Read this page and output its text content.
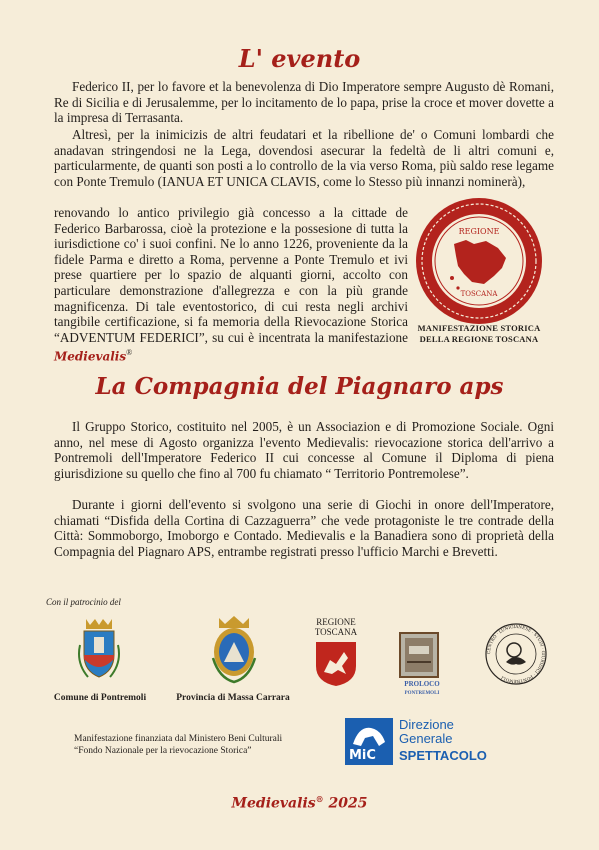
L' evento

Federico II, per lo favore et la benevolenza di Dio Imperatore sempre Augusto dè Romani, Re di Sicilia e di Jerusalemme, per lo incitamento de lo papa, prise la croce et mover dovette a la impresa di Terrasanta.

Altresì, per la inimicizis de altri feudatari et la ribellione de' o Comuni lombardi che anadavan stringendosi ne la Lega, dovendosi asecurar la fedeltà de li altri comuni e, particularmente, de quanti son posti a lo controllo de la via verso Roma, più saldo rese legame con Ponte Tremulo (IANUA ET UNICA CLAVIS, come lo Stesso più innanzi nominerà),

renovando lo antico privilegio già concesso a la cittade de Federico Barbarossa, cioè la protezione e la possesione di tutta la iurisdictione co' i suoi confini. Ne lo anno 1226, proveniente da la fidele Parma e diretto a Roma, pervenne a Ponte Tremulo et ivi prese quartiere per lo spazio de alquanti giorni, accolto con particulare demonstrazione d'allegrezza e con la più grande magnificenza. Di tale eventostorico, di cui resta negli archivi tangibile certificazione, si fa memoria della Rievocazione Storica “ADVENTUM FEDERICI”, su cui è incentrata la manifestazione Medievalis®

REGIONE
TOSCANA
MANIFESTAZIONE STORICA
DELLA REGIONE TOSCANA
La Compagnia del Piagnaro aps

Il Gruppo Storico, costituito nel 2005, è un Associazion e di Promozione Sociale. Ogni anno, nel mese di Agosto organizza l'evento Medievalis: rievocazione storica dell'arrivo a Pontremoli dell'Imperatore Federico II cui concesse al Comune il Diploma di piena giurisdizione su quello che fino al 700 fu chiamato “ Territorio Pontremolese”.

Durante i giorni dell'evento si svolgono una serie di Giochi in onore dell'Imperatore, chiamati “Disfida della Cortina di Cazzaguerra” che vede protagoniste le tre contrade della Città: Sommoborgo, Imoborgo e Contado. Medievalis e la Banadiera sono di proprietà della Compagnia del Piagnaro APS, entrambe registrati presso l'ufficio Marchi e Brevetti.

Con il patrocinio del
Comune di Pontremoli	Provincia di Massa Carrara
REGIONE
TOSCANA
PROLOCO PONTREMOLI
CENTRO · LUNIGIANESE · STUDI · GIURIDICI · PONTREMOLI
Manifestazione finanziata dal Ministero Beni Culturali
“Fondo Nazionale per la rievocazione Storica”	MiC
Direzione
Generale
SPETTACOLO
Medievalis® 2025
